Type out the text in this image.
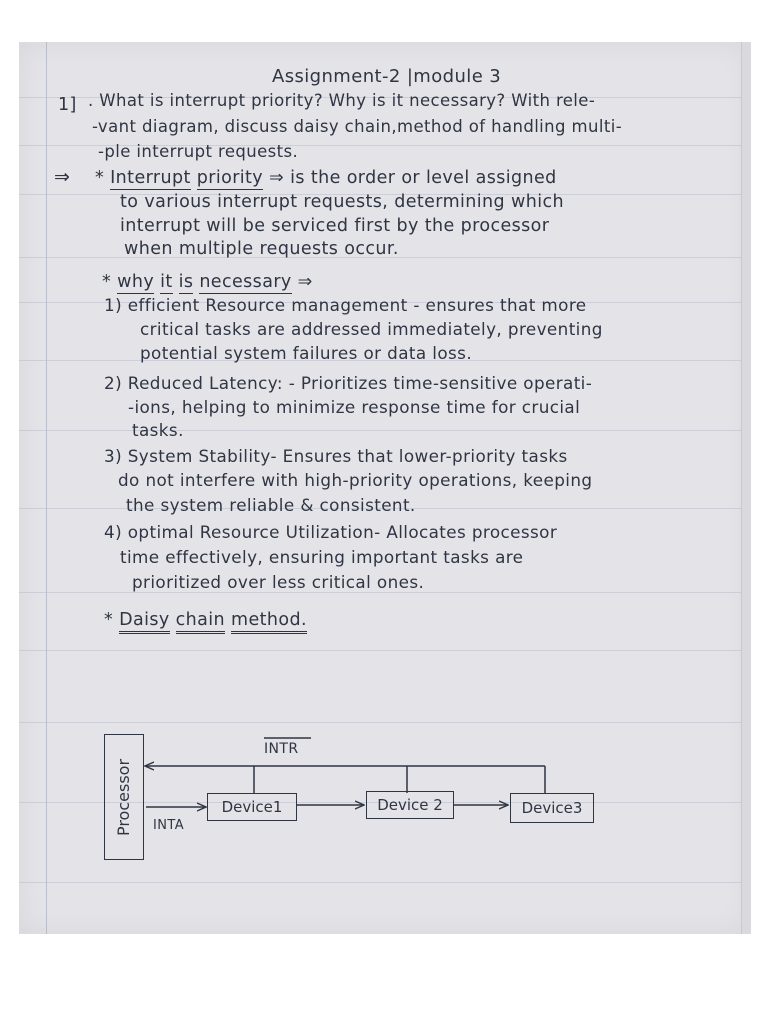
Assignment-2 |module 3
1] . What is interrupt priority? Why is it necessary? With rele-
-vant diagram, discuss daisy chain,method of handling multi-
-ple interrupt requests.
⇒ * Interrupt priority ⇒ is the order or level assigned
to various interrupt requests, determining which
interrupt will be serviced first by the processor
when multiple requests occur.
* why it is necessary ⇒
1) efficient Resource management - ensures that more
critical tasks are addressed immediately, preventing
potential system failures or data loss.
2) Reduced Latency: - Prioritizes time-sensitive operati-
-ions, helping to minimize response time for crucial
tasks.
3) System Stability- Ensures that lower-priority tasks
do not interfere with high-priority operations, keeping
the system reliable & consistent.
4) optimal Resource Utilization- Allocates processor
time effectively, ensuring important tasks are
prioritized over less critical ones.
* Daisy chain method.
Processor
INTR
INTA
Device1	Device 2	Device3
